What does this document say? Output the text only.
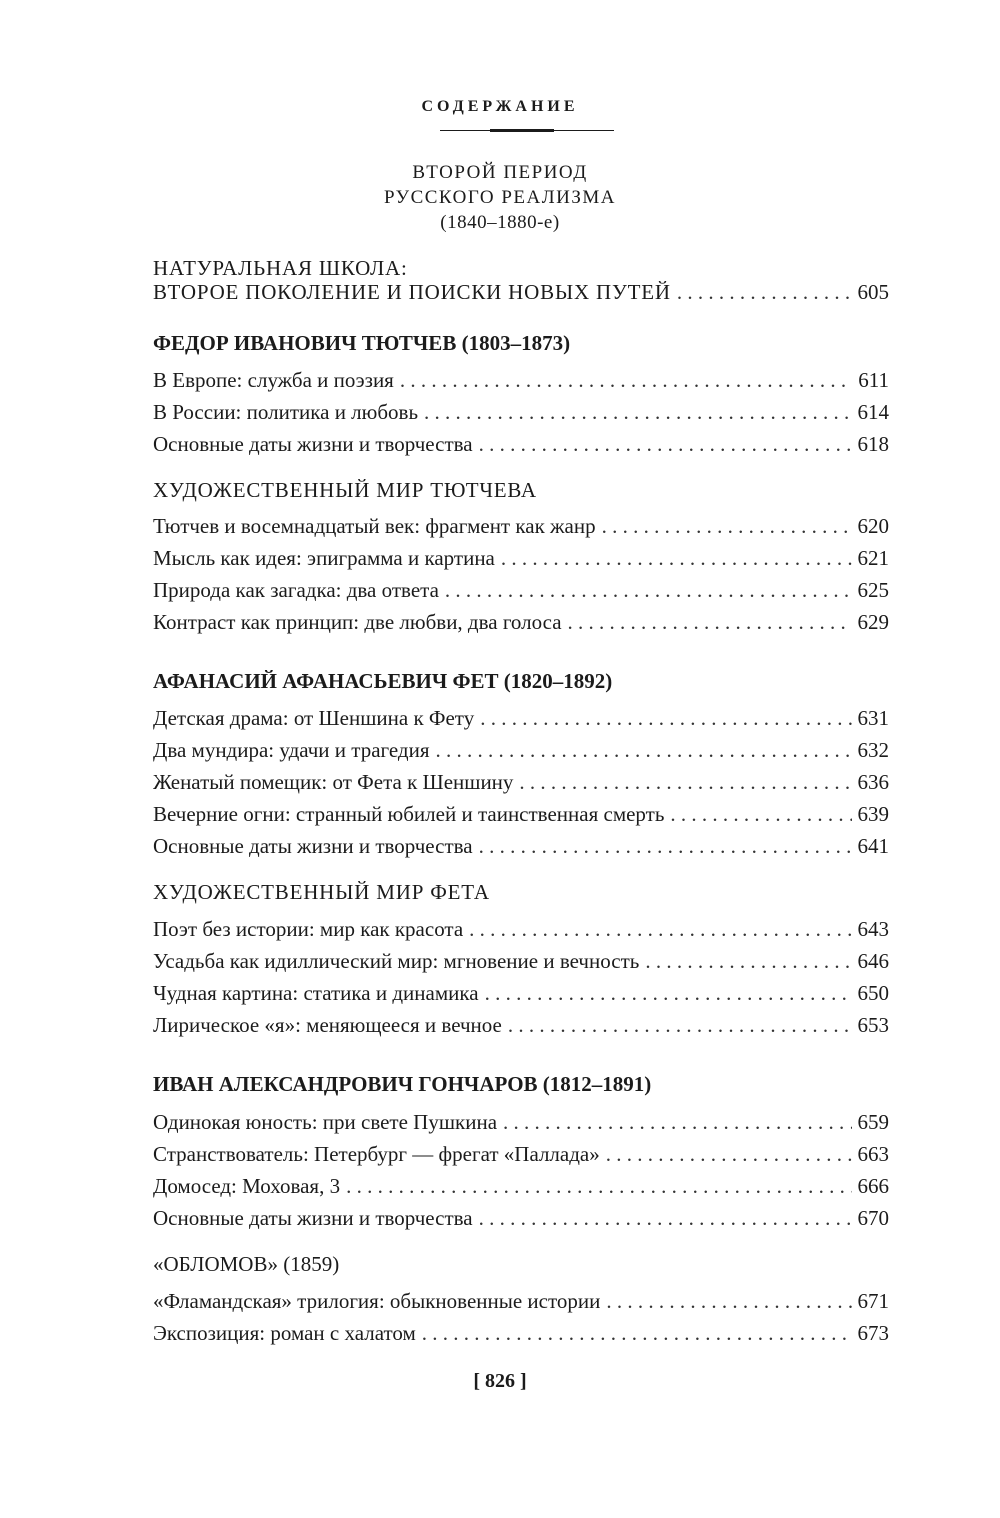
СОДЕРЖАНИЕ
ВТОРОЙ ПЕРИОД
РУССКОГО РЕАЛИЗМА
(1840–1880-е)
НАТУРАЛЬНАЯ ШКОЛА:
ВТОРОЕ ПОКОЛЕНИЕ И ПОИСКИ НОВЫХ ПУТЕЙ . . .	605
ФЕДОР ИВАНОВИЧ ТЮТЧЕВ (1803–1873)
В Европе: служба и поэзия . . .	611
В России: политика и любовь . . .	614
Основные даты жизни и творчества . . .	618
ХУДОЖЕСТВЕННЫЙ МИР ТЮТЧЕВА
Тютчев и восемнадцатый век: фрагмент как жанр . . .	620
Мысль как идея: эпиграмма и картина . . .	621
Природа как загадка: два ответа . . .	625
Контраст как принцип: две любви, два голоса . . .	629
АФАНАСИЙ АФАНАСЬЕВИЧ ФЕТ (1820–1892)
Детская драма: от Шеншина к Фету . . .	631
Два мундира: удачи и трагедия . . .	632
Женатый помещик: от Фета к Шеншину . . .	636
Вечерние огни: странный юбилей и таинственная смерть . . .	639
Основные даты жизни и творчества . . .	641
ХУДОЖЕСТВЕННЫЙ МИР ФЕТА
Поэт без истории: мир как красота . . .	643
Усадьба как идиллический мир: мгновение и вечность . . .	646
Чудная картина: статика и динамика . . .	650
Лирическое «я»: меняющееся и вечное . . .	653
ИВАН АЛЕКСАНДРОВИЧ ГОНЧАРОВ (1812–1891)
Одинокая юность: при свете Пушкина . . .	659
Странствователь: Петербург — фрегат «Паллада» . . .	663
Домосед: Моховая, 3 . . .	666
Основные даты жизни и творчества . . .	670
«ОБЛОМОВ» (1859)
«Фламандская» трилогия: обыкновенные истории . . .	671
Экспозиция: роман с халатом . . .	673
[ 826 ]
